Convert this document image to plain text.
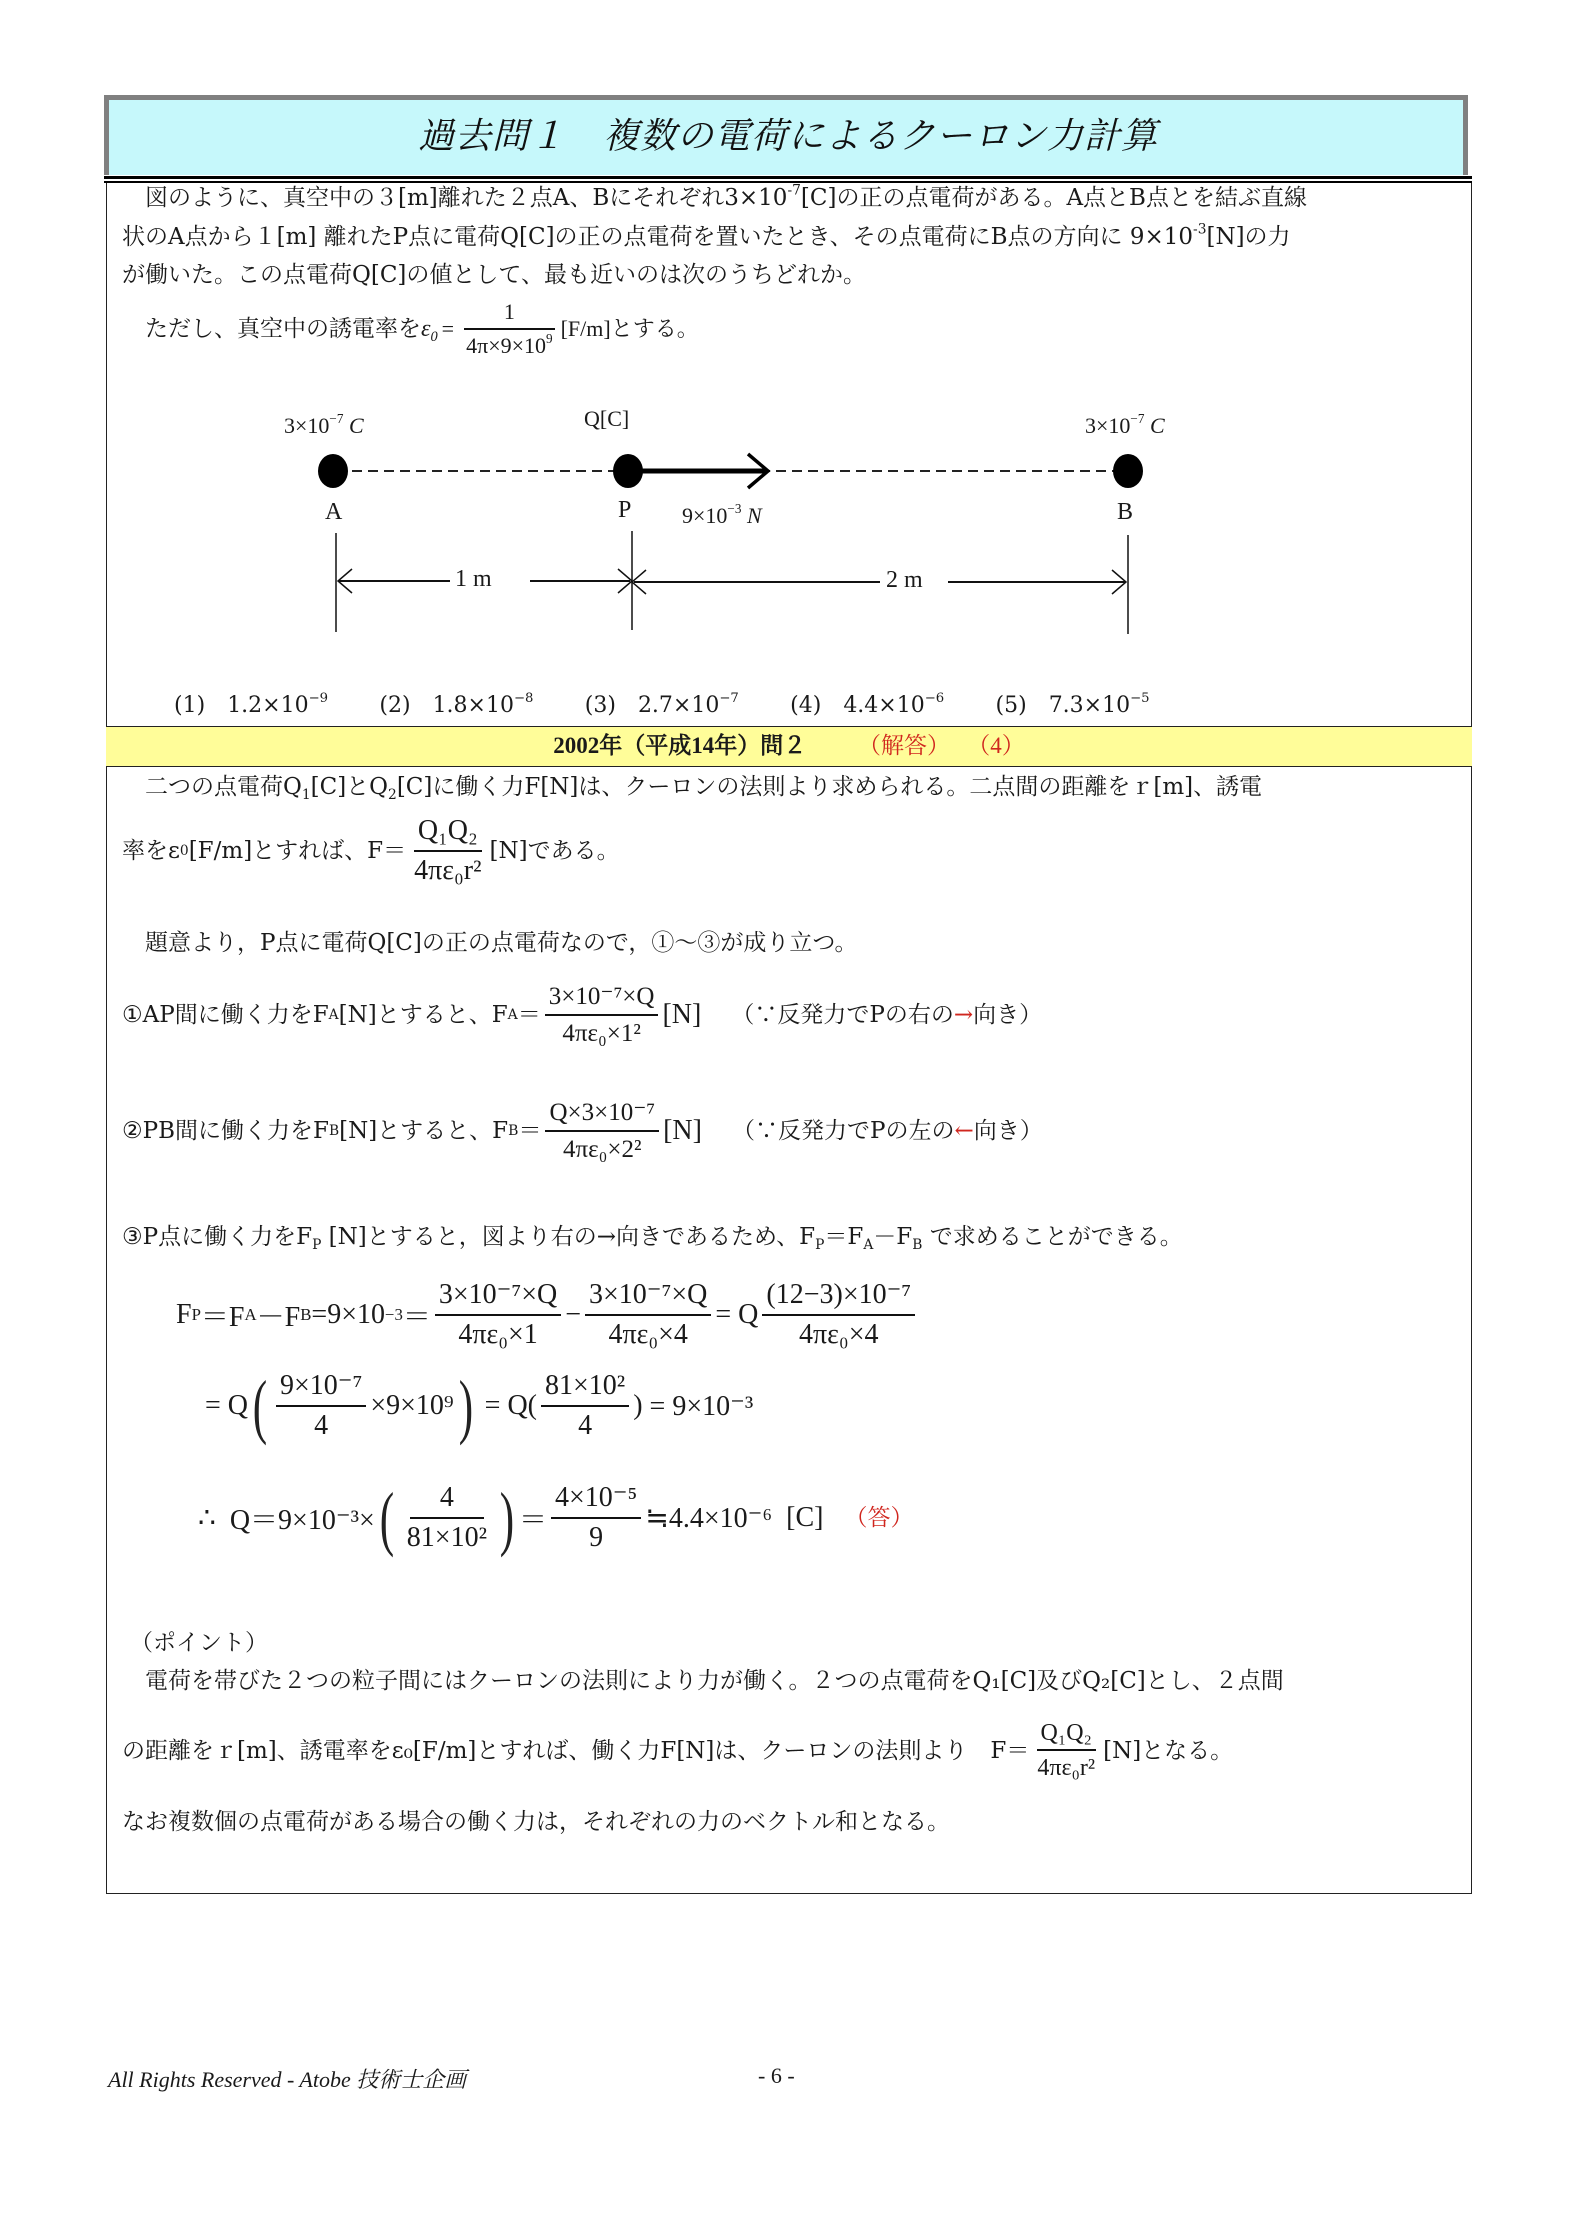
過去問１　複数の電荷によるクーロン力計算
　図のように、真空中の３[m]離れた２点A、Bにそれぞれ$3\times 10^{-7}[C]$の正の点電荷がある。A点とB点とを結ぶ直線
状のA点から１[m] 離れたP点に電荷Q[C]の正の点電荷を置いたとき、その点電荷にB点の方向に $9\times 10^{-3}[N]$の力
が働いた。この点電荷Q[C]の値として、最も近いのは次のうちどれか。

ただし、真空中の誘電率を $\varepsilon_0 = \frac{1}{4\pi\times 9\times 10^9} [F/m]$とする。
$3\times 10^{-7}$ C	Q[C]	$3\times 10^{-7}$ C
A	P	B
$9\times 10^{-3}$ N
1 m	2 m
(1)　 $1.2\times 10^{-9}$ (2)　 $1.8\times 10^{-8}$ (3)　 $2.7\times 10^{-7}$ (4)　 $4.4\times 10^{-6}$ (5)　 $7.3\times 10^{-5}$
2002年（平成14年）問２　　 （解答）　 （4）
　二つの点電荷$Q_1[C]$と$Q_2[C]$に働く力F[N]は、クーロンの法則より求められる。二点間の距離をｒ[m]、誘電
率をε 0 [F/m]とすれば、$F= \frac{\text{Q₁Q₂}}{\text{4πε₀r²}} [N]$である。
　題意より，P点に電荷Q[C]の正の点電荷なので，①〜③が成り立つ。
①AP間に働く力をF A [N]とすると、F $A = \frac{\text{3×10⁻⁷×Q}}{\text{4πε₀×1²}} [N]$ （∵反発力でPの右の → 向き）
②PB間に働く力をF B [N]とすると、F $B = \frac{\text{Q×3×10⁻⁷}}{\text{4πε₀×2²}} [N]$ （∵反発力でPの左の ← 向き）
③P点に働く力を$F_P$ [N]とすると，図より右の→向きであるため、$F_P=F_A-F_B$ で求めることができる。
F P ＝F A －F $B =9\times 10 -3 = \frac{\text{3×10⁻⁷×Q}}{\text{4πε₀×1}} - \frac{\text{3×10⁻⁷×Q}}{\text{4πε₀×4}} = Q \frac{\text{(12−3)×10⁻⁷}}{\text{4πε₀×4}}$
= Q ( $\frac{\text{9×10⁻⁷}}{4} \times 9\times 10^9$ ) = $Q( \frac{\text{81×10²}}{4}$ ) = 9×10⁻³
∴
Q＝9×10⁻³× ( $\frac{4}{\text{81×10²}}$ ) ＝ $\frac{\text{4×10⁻⁵}}{9}$ ≒4.4×10⁻⁶
[C]
（答）
（ポイント）
　電荷を帯びた２つの粒子間にはクーロンの法則により力が働く。２つの点電荷をQ₁[C]及びQ₂[C]とし、２点間
の距離をｒ[m]、誘電率をε₀[F/m]とすれば、働く力F[N]は、クーロンの法則より　$F= \frac{\text{Q₁Q₂}}{\text{4πε₀r²}} [N]$となる。
なお複数個の点電荷がある場合の働く力は，それぞれの力のベクトル和となる。
All Rights Reserved - Atobe 技術士企画	- 6 -
